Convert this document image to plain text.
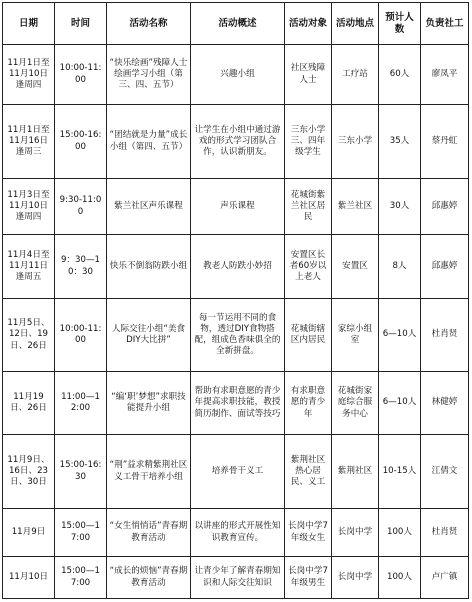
日期	时间	活动名称	活动概述	活动对象	活动地点	预计人数	负责社工
11月1日至11月10日逢周四	10:00-11:00	“快乐绘画”残障人士绘画学习小组（第三、四、五节）	兴趣小组	社区残障人士	工疗站	60人	廖凤平
11月1日至11月16日逢周三	15:00-16:00	“团结就是力量”成长小组（第四、五节）	让学生在小组中通过游戏的形式学习团队合作，认识新朋友。	三东小学三、四年级学生	三东小学	35人	蔡丹虹
11月3日至11月10日逢周四	9:30-11:00	紫兰社区声乐课程	声乐课程	花城街紫兰社区居民	紫兰社区	30人	邱惠婷
11月4日至11月11日逢周五	9：30—10：30	快乐不倒翁防跌小组	教老人防跌小妙招	安置区长者60岁以上老人	安置区	8人	邱惠婷
11月5日、12日、19日、26日	10:00-11:00	人际交往小组“美食DIY大比拼”	每一节运用不同的食物，透过DIY食物搭配，组成色香味俱全的全新拼盘。	花城街辖区内居民	家综小组室	6—10人	杜肖贤
11月19日、26日	11:00—12:00	“编‘职’梦想”求职技能提升小组	帮助有求职意愿的青少年提高求职技能，教授简历制作、面试等技巧	有求职意愿的青少年	花城街家庭综合服务中心	6—10人	林健婷
11月9日、16日、23日、30日	15:00-16:30	“荆”益求精紫荆社区义工骨干培养小组	培养骨干义工	紫荆社区热心居民、义工	紫荆社区	10-15人	江倩文
11月9日	15:00—17:00	“女生悄悄话”青春期教育活动	以讲座的形式开展性知识教育宣传。	长岗中学7年级女生	长岗中学	100人	杜肖贤
11月10日	15:00—17:00	“成长的烦恼”青春期教育活动	让青少年了解青春期知识和人际交往知识	长岗中学7年级男生	长岗中学	100人	卢广镇
